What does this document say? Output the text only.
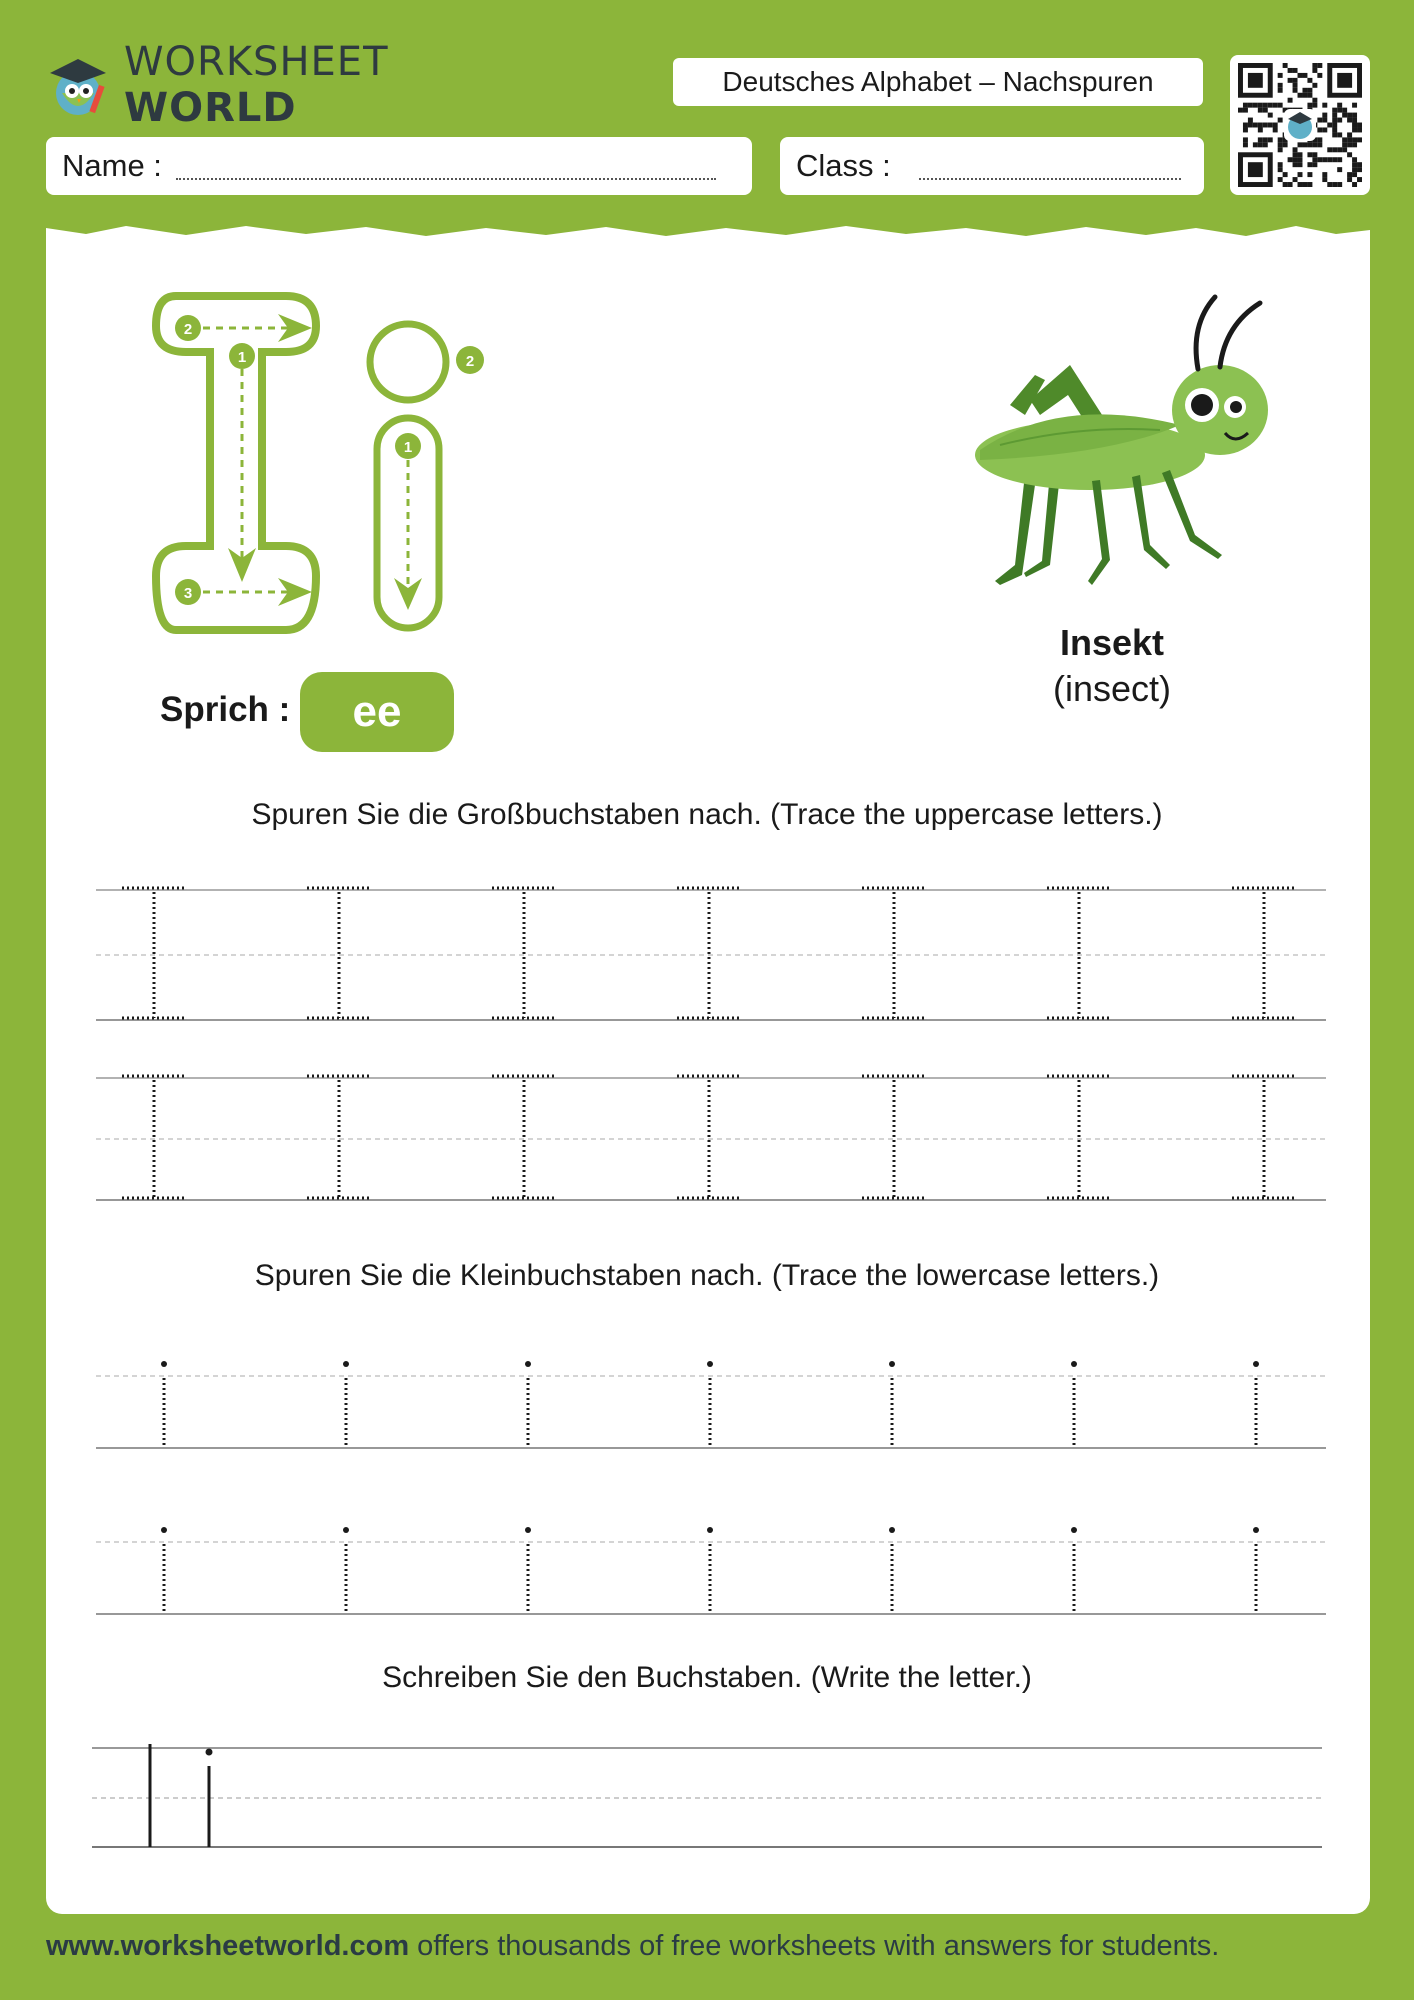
WORKSHEET WORLD
Deutsches Alphabet – Nachspuren
Name :	Class :
2
1
3
2
1
Sprich :	ee
Insekt
(insect)
Spuren Sie die Großbuchstaben nach. (Trace the uppercase letters.)
Spuren Sie die Kleinbuchstaben nach. (Trace the lowercase letters.)
Schreiben Sie den Buchstaben. (Write the letter.)
www.worksheetworld.com offers thousands of free worksheets with answers for students.
